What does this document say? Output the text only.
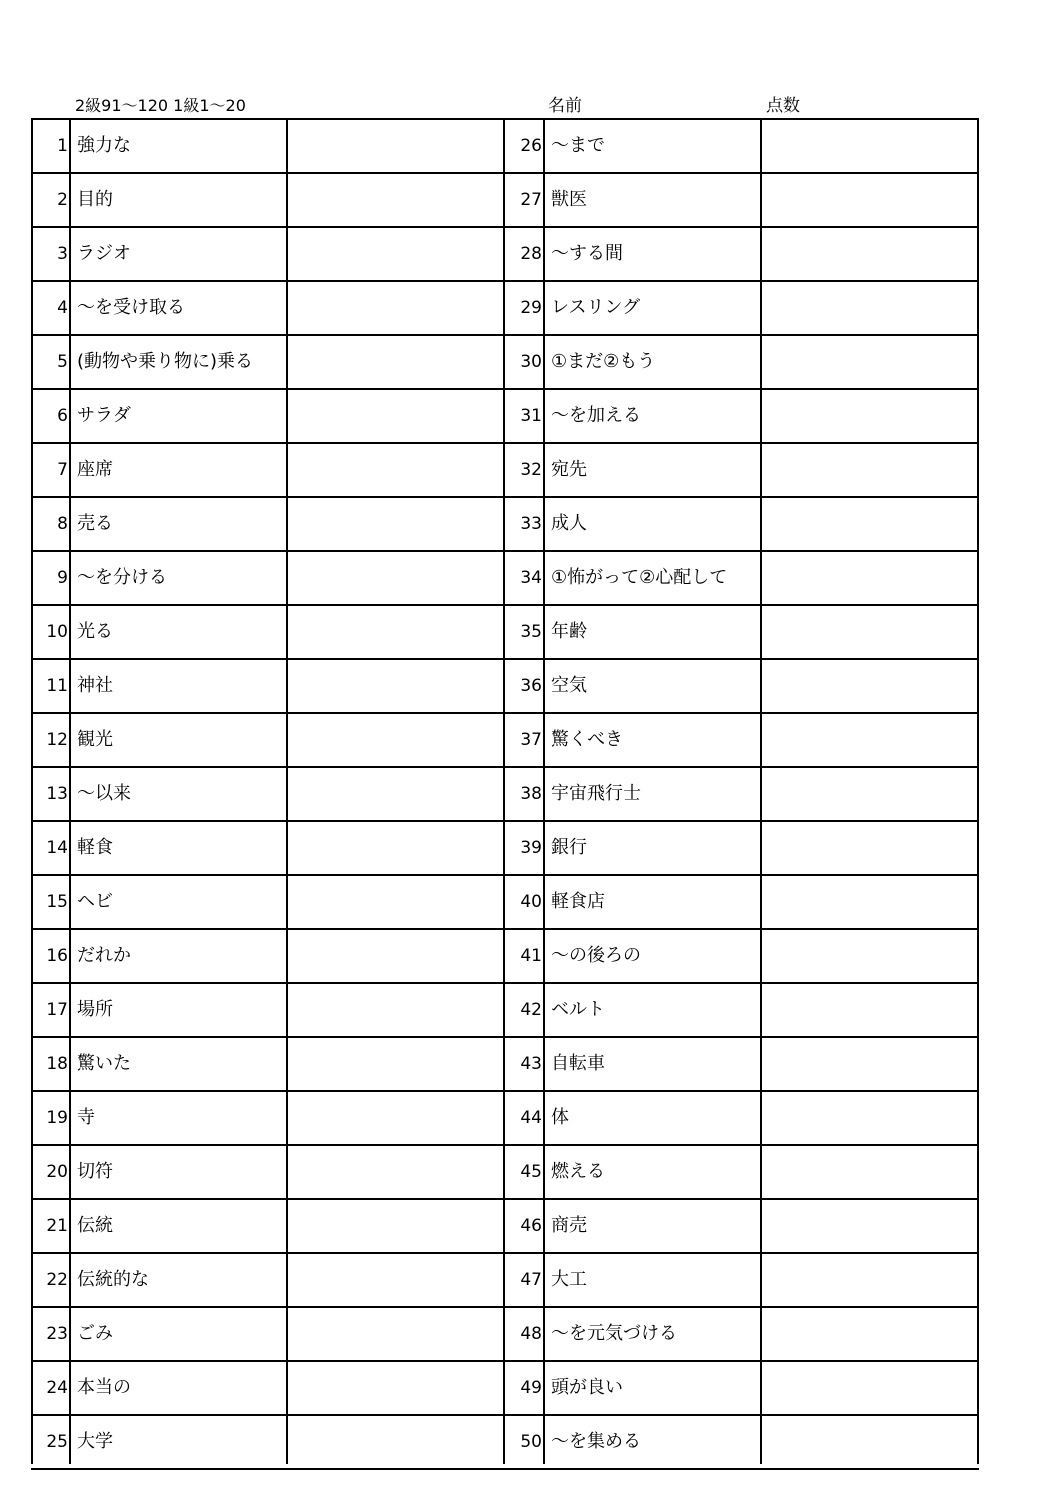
2級91～120 1級1～20	名前	点数
1 強力な	26 ～まで
2 目的	27 獣医
3 ラジオ	28 ～する間
4 ～を受け取る	29 レスリング
5 (動物や乗り物に)乗る	30 ①まだ②もう
6 サラダ	31 ～を加える
7 座席	32 宛先
8 売る	33 成人
9 ～を分ける	34 ①怖がって②心配して
10 光る	35 年齢
11 神社	36 空気
12 観光	37 驚くべき
13 ～以来	38 宇宙飛行士
14 軽食	39 銀行
15 ヘビ	40 軽食店
16 だれか	41 ～の後ろの
17 場所	42 ベルト
18 驚いた	43 自転車
19 寺	44 体
20 切符	45 燃える
21 伝統	46 商売
22 伝統的な	47 大工
23 ごみ	48 ～を元気づける
24 本当の	49 頭が良い
25 大学	50 ～を集める
